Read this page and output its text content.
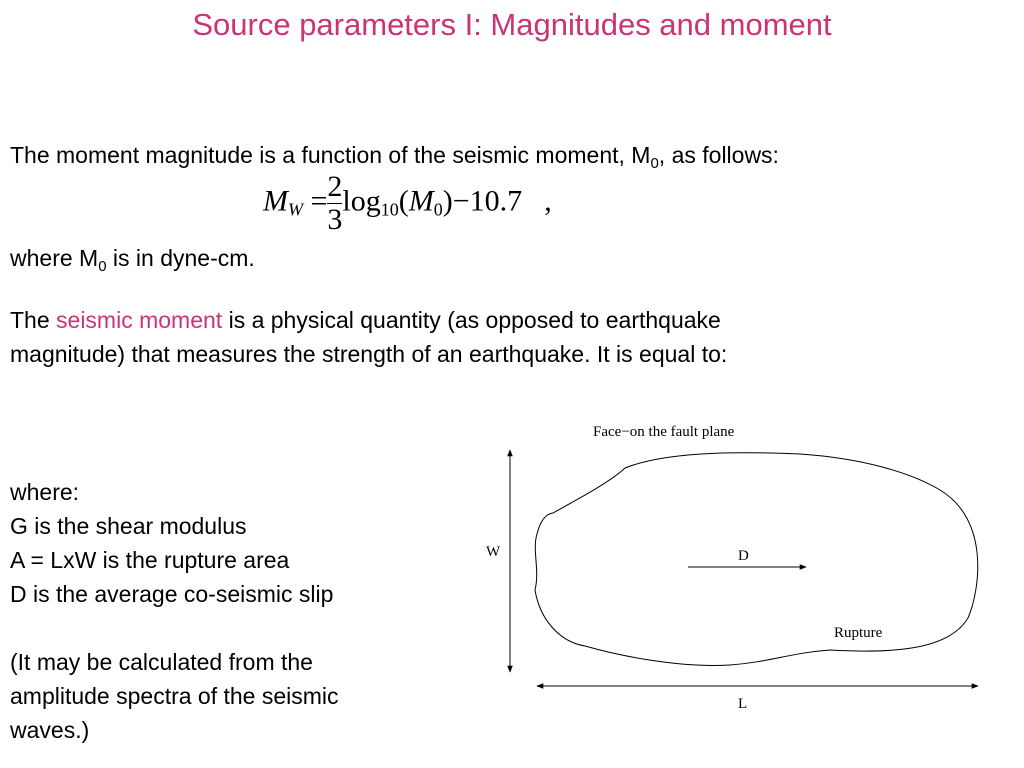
Source parameters I: Magnitudes and moment
The moment magnitude is a function of the seismic moment, $M_0$, as follows:
$M_W = \frac{2}{3} \log_{10}(M_0)-10.7$ ,
where $M_0$ is in dyne-cm.
The seismic moment is a physical quantity (as opposed to earthquake
magnitude) that measures the strength of an earthquake. It is equal to:
where:
G is the shear modulus
A = LxW is the rupture area
D is the average co-seismic slip
(It may be calculated from the
amplitude spectra of the seismic
waves.)
Face−on the fault plane
W	D
Rupture
L
